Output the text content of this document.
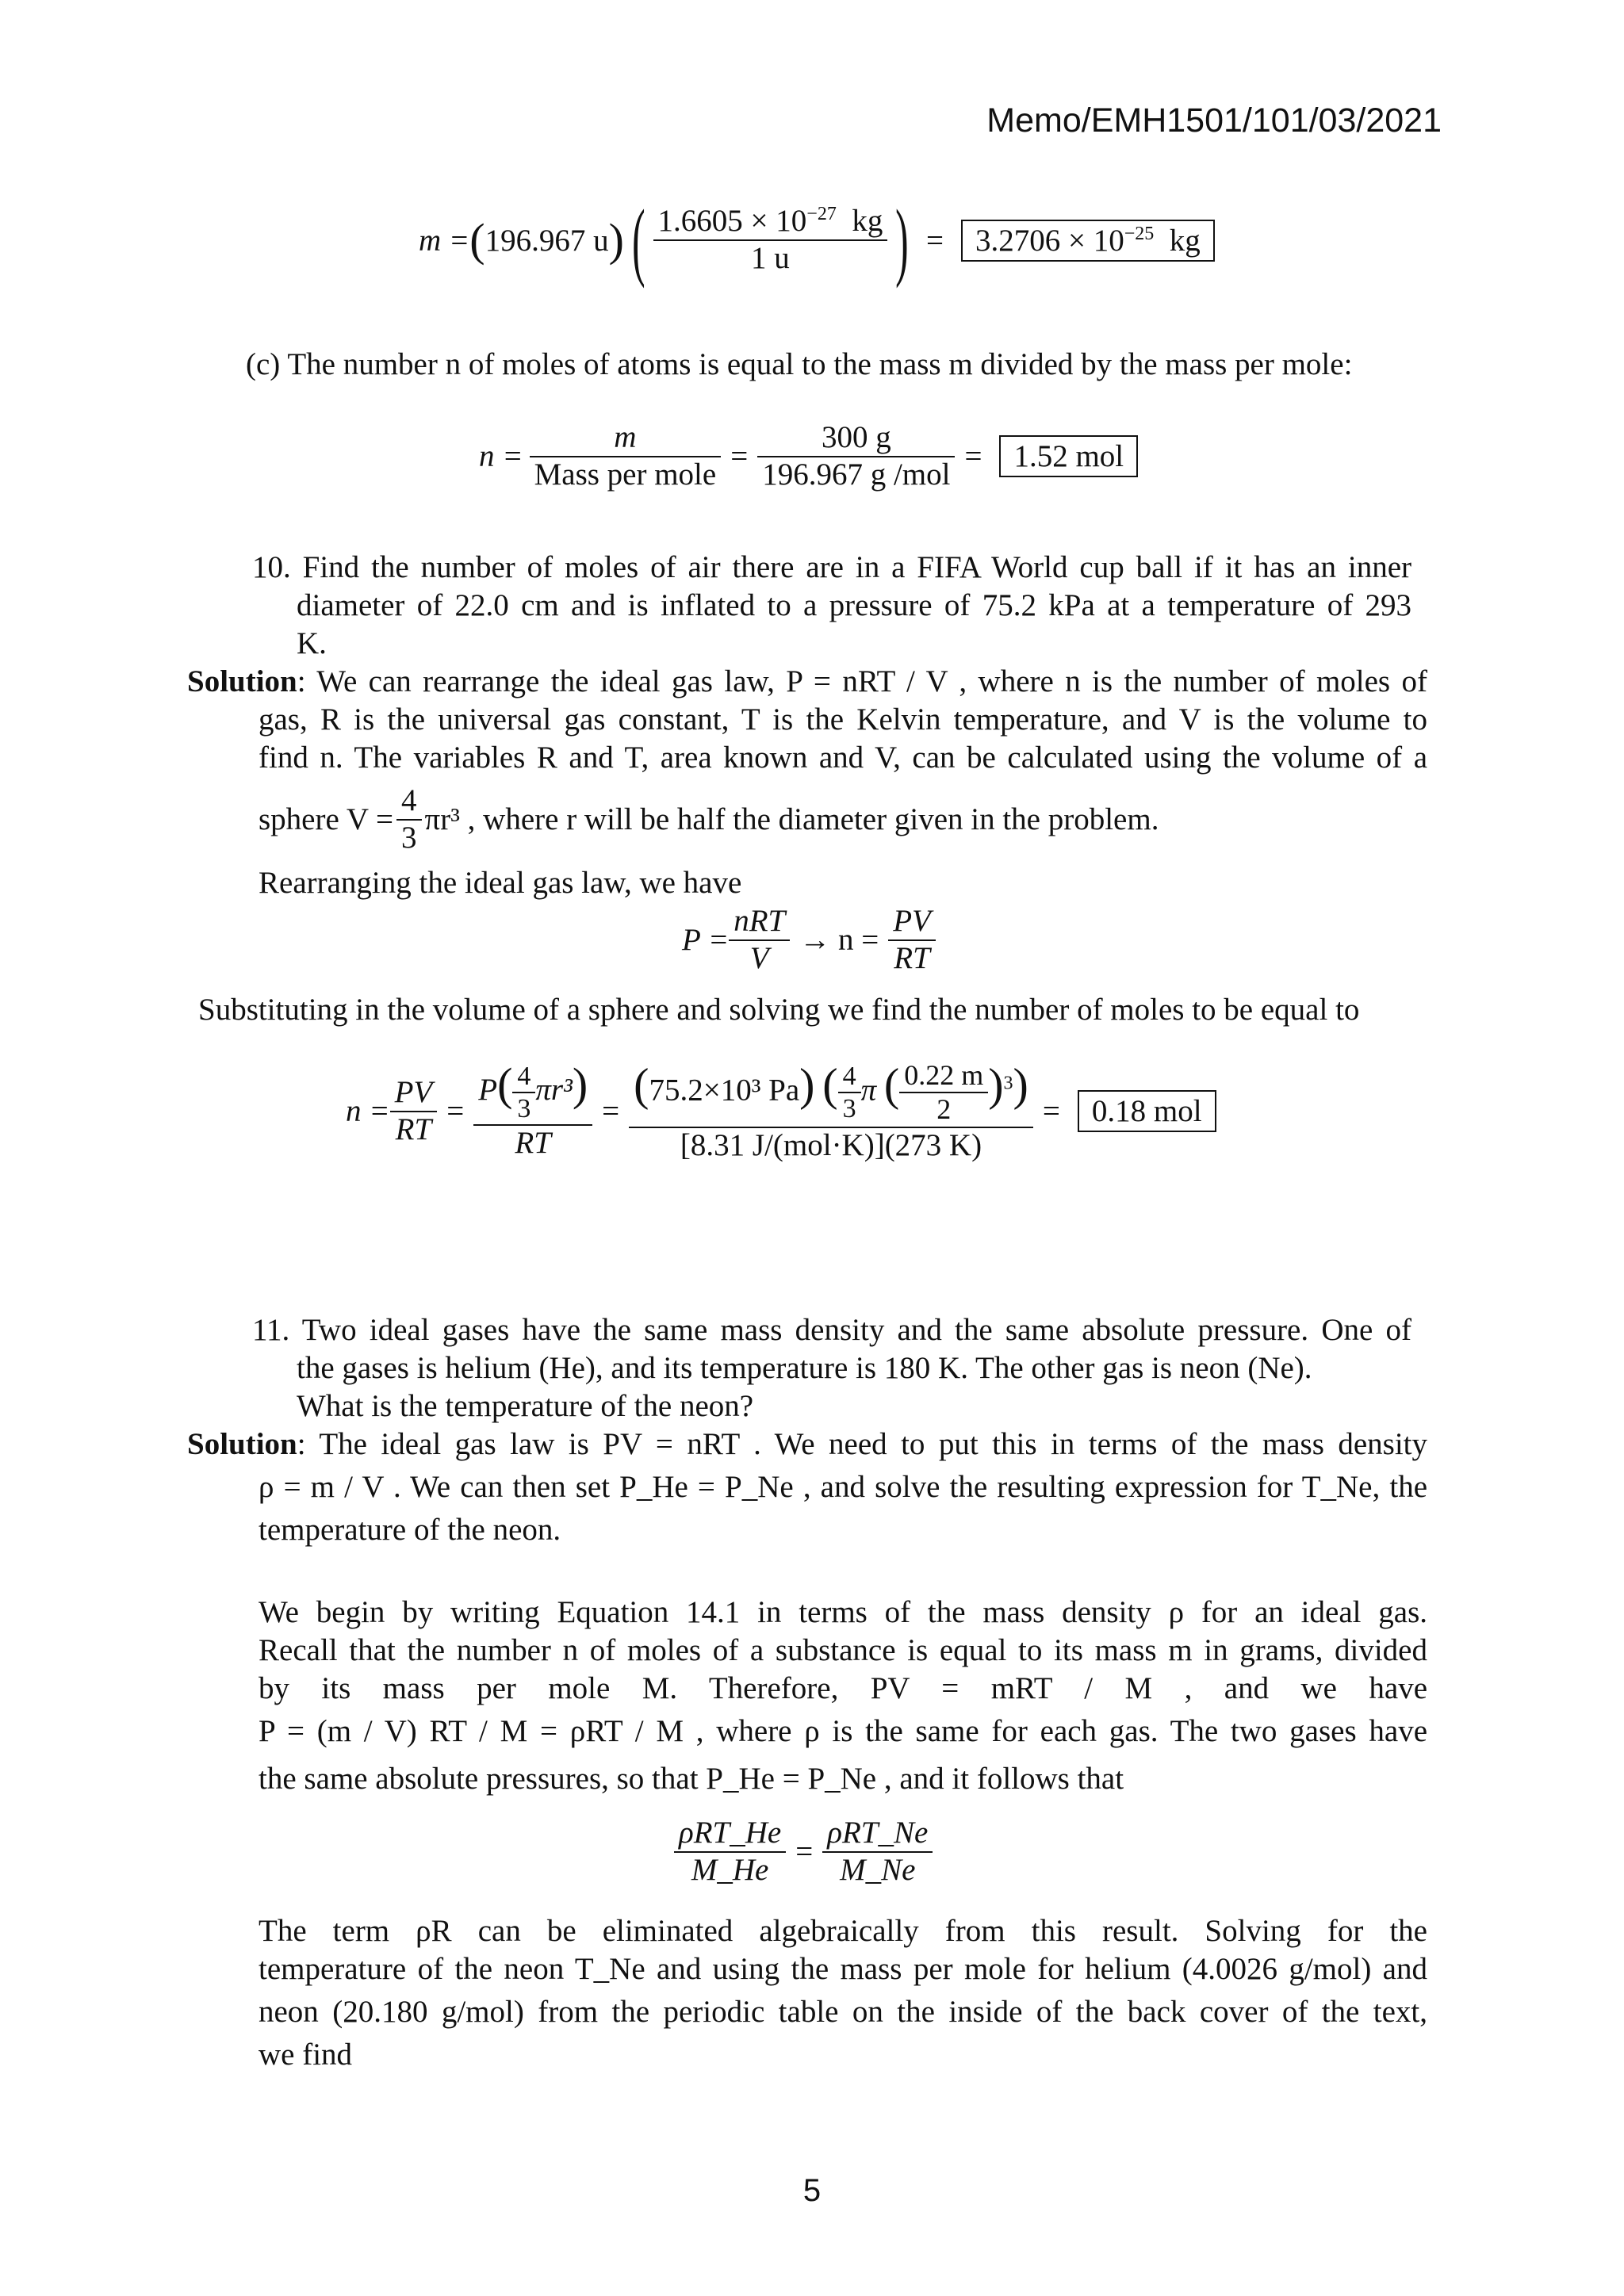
Memo/EMH1501/101/03/2021
m = ( 196.967 u ) ( $1.6605 \times 10^{-27}$ kg
1 u	) =	$3.2706 \times 10^{-25}$ kg
(c) The number n of moles of atoms is equal to the mass m divided by the mass per mole:
n =
m
Mass per mole
=
300 g
196.967 g /mol
=	1.52 mol
10. Find the number of moles of air there are in a FIFA World cup ball if it has an inner
diameter of 22.0 cm and is inflated to a pressure of 75.2 kPa at a temperature of 293
K.
Solution: We can rearrange the ideal gas law, P = nRT / V , where n is the number of moles of
gas, R is the universal gas constant, T is the Kelvin temperature, and V is the volume to
find n. The variables R and T, area known and V, can be calculated using the volume of a
sphere $V = \frac{4}{3} \pi r^3$ , where r will be half the diameter given in the problem.
Rearranging the ideal gas law, we have
P =
nRT
V
→ $n = \frac{PV}{RT}$
Substituting in the volume of a sphere and solving we find the number of moles to be equal to
$n = \frac{PV}{RT} = \frac{P( \frac{4}{3} \pi r^3)}{RT}$ =
(75.2×10³ Pa) ( $\frac{4}{3}$ π ( $\frac{0.22 m}{2} )^3$)
[8.31 J/(mol·K)](273 K)
=	0.18 mol
11. Two ideal gases have the same mass density and the same absolute pressure. One of
the gases is helium (He), and its temperature is 180 K. The other gas is neon (Ne).
What is the temperature of the neon?
Solution: The ideal gas law is PV = nRT . We need to put this in terms of the mass density
ρ = m / V . We can then set P_He = P_Ne , and solve the resulting expression for T_Ne, the
temperature of the neon.
We begin by writing Equation 14.1 in terms of the mass density ρ for an ideal gas.
Recall that the number n of moles of a substance is equal to its mass m in grams, divided
by its mass per mole M. Therefore, PV = mRT / M , and we have
P = (m / V) RT / M = ρRT / M , where ρ is the same for each gas. The two gases have
the same absolute pressures, so that P_He = P_Ne , and it follows that
ρRT_He
M_He
=
ρRT_Ne
M_Ne
The term ρR can be eliminated algebraically from this result. Solving for the
temperature of the neon T_Ne and using the mass per mole for helium (4.0026 g/mol) and
neon (20.180 g/mol) from the periodic table on the inside of the back cover of the text,
we find
5
